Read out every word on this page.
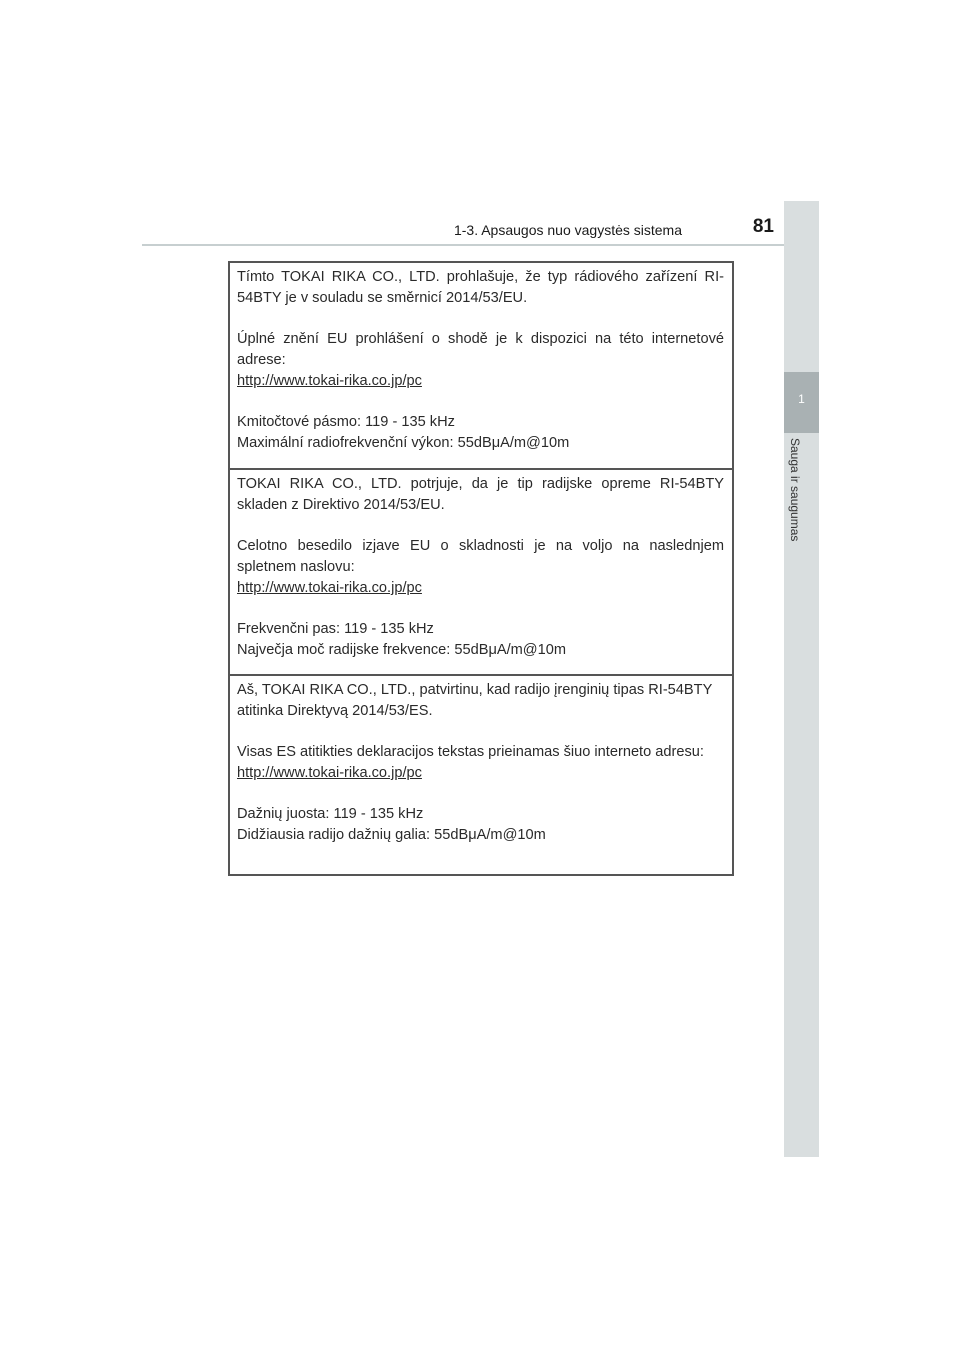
1-3. Apsaugos nuo vagystės sistema	81
1
Sauga ir saugumas

Tímto TOKAI RIKA CO., LTD. prohlašuje, že typ rádiového zařízení RI-54BTY je v souladu se směrnicí 2014/53/EU.

Úplné znění EU prohlášení o shodě je k dispozici na této internetové adrese:

http://www.tokai-rika.co.jp/pc

Kmitočtové pásmo: 119 - 135 kHz

Maximální radiofrekvenční výkon: 55dBμA/m@10m

TOKAI RIKA CO., LTD. potrjuje, da je tip radijske opreme RI-54BTY skladen z Direktivo 2014/53/EU.

Celotno besedilo izjave EU o skladnosti je na voljo na naslednjem spletnem naslovu:

http://www.tokai-rika.co.jp/pc

Frekvenčni pas: 119 - 135 kHz

Največja moč radijske frekvence: 55dBμA/m@10m

Aš, TOKAI RIKA CO., LTD., patvirtinu, kad radijo įrenginių tipas RI-54BTY atitinka Direktyvą 2014/53/ES.

Visas ES atitikties deklaracijos tekstas prieinamas šiuo interneto adresu:

http://www.tokai-rika.co.jp/pc

Dažnių juosta: 119 - 135 kHz

Didžiausia radijo dažnių galia: 55dBμA/m@10m
